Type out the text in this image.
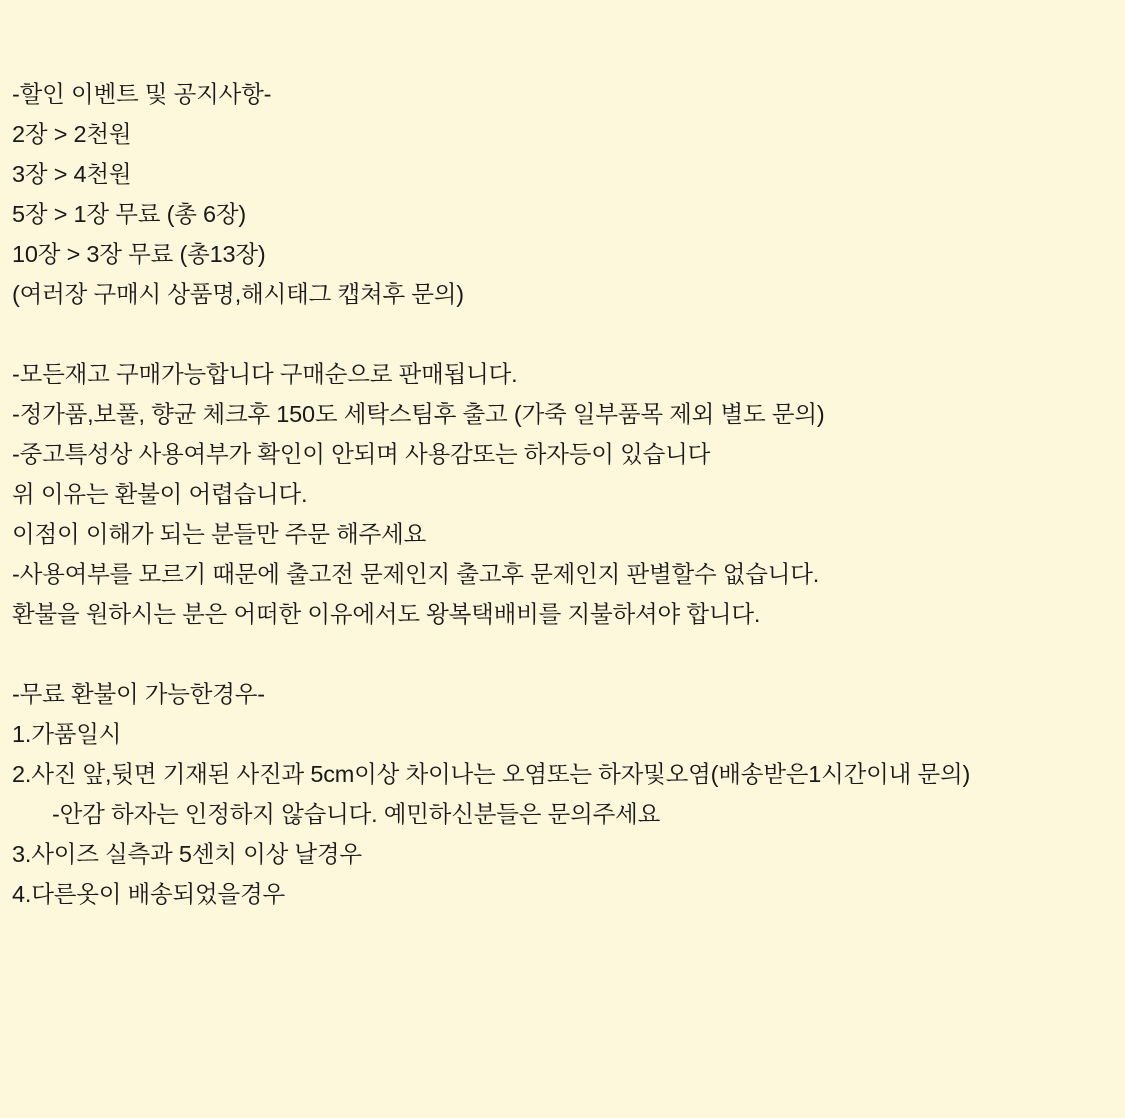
-할인 이벤트 및 공지사항-
2장 > 2천원
3장 > 4천원
5장 > 1장 무료 (총 6장)
10장 > 3장 무료 (총13장)
(여러장 구매시 상품명,해시태그 캡쳐후 문의)
-모든재고 구매가능합니다 구매순으로 판매됩니다.
-정가품,보풀, 향균 체크후 150도 세탁스팀후 출고 (가죽 일부품목 제외 별도 문의)
-중고특성상 사용여부가 확인이 안되며 사용감또는 하자등이 있습니다
위 이유는 환불이 어렵습니다.
이점이 이해가 되는 분들만 주문 해주세요
-사용여부를 모르기 때문에 출고전 문제인지 출고후 문제인지 판별할수 없습니다.
환불을 원하시는 분은 어떠한 이유에서도 왕복택배비를 지불하셔야 합니다.
-무료 환불이 가능한경우-
1.가품일시
2.사진 앞,뒷면 기재된 사진과 5cm이상 차이나는 오염또는 하자및오염(배송받은1시간이내 문의)
-안감 하자는 인정하지 않습니다. 예민하신분들은 문의주세요
3.사이즈 실측과 5센치 이상 날경우
4.다른옷이 배송되었을경우
